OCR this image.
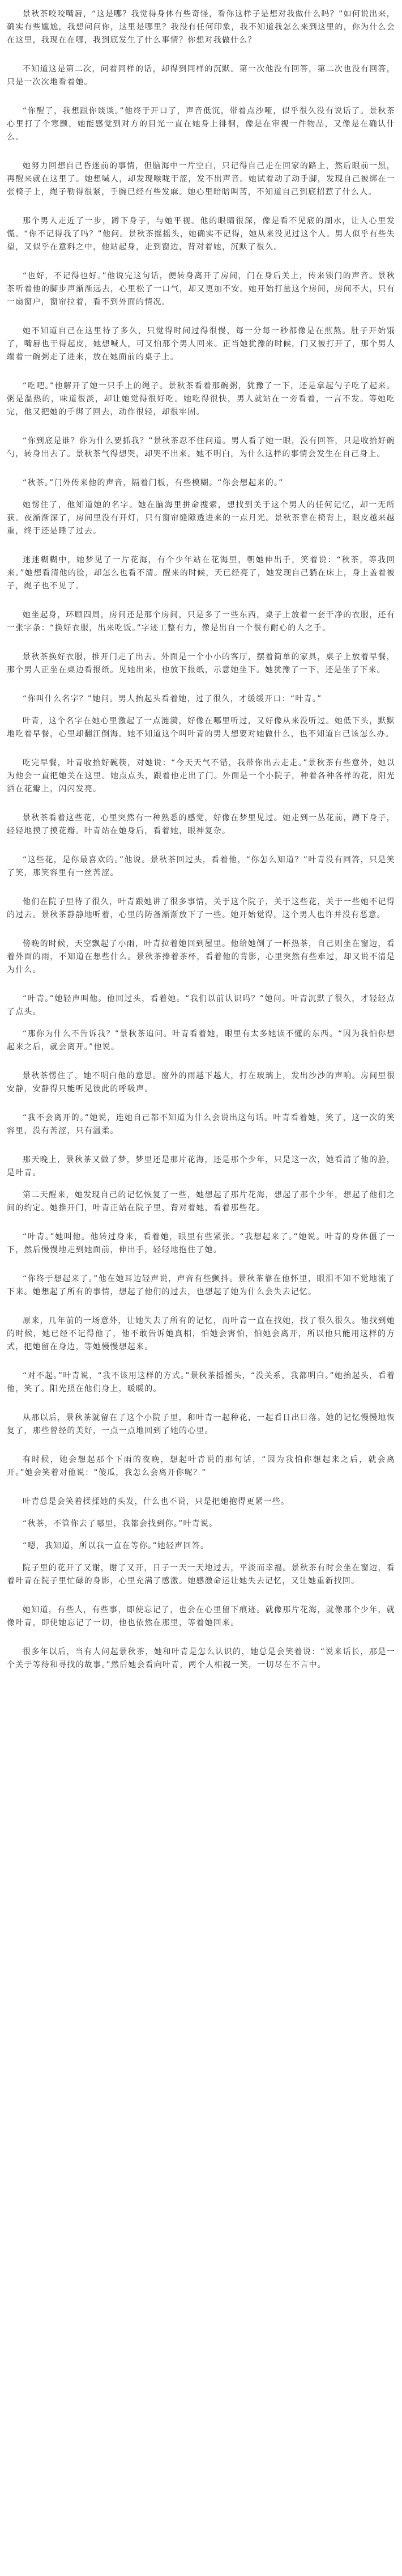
景秋茶咬咬嘴唇，“这是哪？我觉得身体有些奇怪，看你这样子是想对我做什么吗？”如何说出来，确实有些尴尬，我想问问你，这里是哪里？我没有任何印象，我不知道我怎么来到这里的，你为什么会在这里，我现在在哪，我到底发生了什么事情？你想对我做什么？

不知道这是第二次，问着同样的话，却得到同样的沉默。第一次他没有回答，第二次也没有回答，只是一次次地看着她。

“你醒了，我想跟你谈谈。”他终于开口了，声音低沉，带着点沙哑，似乎很久没有说话了。景秋茶心里打了个寒颤，她能感觉到对方的目光一直在她身上徘徊，像是在审视一件物品，又像是在确认什么。

她努力回想自己昏迷前的事情，但脑海中一片空白，只记得自己走在回家的路上，然后眼前一黑，再醒来就在这里了。她想喊人，却发现喉咙干涩，发不出声音。她试着动了动手脚，发现自己被绑在一张椅子上，绳子勒得很紧，手腕已经有些发麻。她心里暗暗叫苦，不知道自己到底招惹了什么人。

那个男人走近了一步，蹲下身子，与她平视。他的眼睛很深，像是看不见底的湖水，让人心里发慌。“你不记得我了吗？”他问。景秋茶摇摇头，她确实不记得，她从来没见过这个人。男人似乎有些失望，又似乎在意料之中，他站起身，走到窗边，背对着她，沉默了很久。

“也好，不记得也好。”他说完这句话，便转身离开了房间，门在身后关上，传来锁门的声音。景秋茶听着他的脚步声渐渐远去，心里松了一口气，却又更加不安。她开始打量这个房间，房间不大，只有一扇窗户，窗帘拉着，看不到外面的情况。

她不知道自己在这里待了多久，只觉得时间过得很慢，每一分每一秒都像是在煎熬。肚子开始饿了，嘴唇也干得起皮，她想喊人，可又怕那个男人回来。正当她犹豫的时候，门又被打开了，那个男人端着一碗粥走了进来，放在她面前的桌子上。

“吃吧。”他解开了她一只手上的绳子。景秋茶看着那碗粥，犹豫了一下，还是拿起勺子吃了起来。粥是温热的，味道很淡，却让她觉得很好吃。她吃得很快，男人就站在一旁看着，一言不发。等她吃完，他又把她的手绑了回去，动作很轻，却很牢固。

“你到底是谁？你为什么要抓我？”景秋茶忍不住问道。男人看了她一眼，没有回答，只是收拾好碗勺，转身出去了。景秋茶气得想哭，却哭不出来。她不明白，为什么这样的事情会发生在自己身上。

“秋茶。”门外传来他的声音，隔着门板，有些模糊。“你会想起来的。”

她愣住了，他知道她的名字。她在脑海里拼命搜索，想找到关于这个男人的任何记忆，却一无所获。夜渐渐深了，房间里没有开灯，只有窗帘缝隙透进来的一点月光。景秋茶靠在椅背上，眼皮越来越重，终于还是睡了过去。

迷迷糊糊中，她梦见了一片花海，有个少年站在花海里，朝她伸出手，笑着说：“秋茶，等我回来。”她想看清他的脸，却怎么也看不清。醒来的时候，天已经亮了，她发现自己躺在床上，身上盖着被子，绳子也不见了。

她坐起身，环顾四周，房间还是那个房间，只是多了一些东西，桌子上放着一套干净的衣服，还有一张字条：“换好衣服，出来吃饭。”字迹工整有力，像是出自一个很有耐心的人之手。

景秋茶换好衣服，推开门走了出去。外面是一个小小的客厅，摆着简单的家具，桌子上放着早餐，那个男人正坐在桌边看报纸。见她出来，他放下报纸，示意她坐下。她犹豫了一下，还是坐了下来。

“你叫什么名字？”她问。男人抬起头看着她，过了很久，才缓缓开口：“叶青。”

叶青，这个名字在她心里激起了一点涟漪，好像在哪里听过，又好像从来没听过。她低下头，默默地吃着早餐，心里却翻江倒海。她不知道这个叫叶青的男人想要对她做什么，也不知道自己该怎么办。

吃完早餐，叶青收拾好碗筷，对她说：“今天天气不错，我带你出去走走。”景秋茶有些意外，她以为他会一直把她关在这里。她点点头，跟着他走出了门。外面是一个小院子，种着各种各样的花，阳光洒在花瓣上，闪闪发亮。

景秋茶看着这些花，心里突然有一种熟悉的感觉，好像在梦里见过。她走到一丛花前，蹲下身子，轻轻地摸了摸花瓣。叶青站在她身后，看着她，眼神复杂。

“这些花，是你最喜欢的。”他说。景秋茶回过头，看着他，“你怎么知道？”叶青没有回答，只是笑了笑，那笑容里有一丝苦涩。

他们在院子里待了很久，叶青跟她讲了很多事情，关于这个院子，关于这些花，关于一些她不记得的过去。景秋茶静静地听着，心里的防备渐渐放下了一些。她开始觉得，这个男人也许并没有恶意。

傍晚的时候，天空飘起了小雨，叶青拉着她回到屋里。他给她倒了一杯热茶，自己则坐在窗边，看着外面的雨，不知道在想些什么。景秋茶捧着茶杯，看着他的背影，心里突然有些难过，却又说不清是为什么。

“叶青。”她轻声叫他。他回过头，看着她。“我们以前认识吗？”她问。叶青沉默了很久，才轻轻点了点头。

“那你为什么不告诉我？”景秋茶追问。叶青看着她，眼里有太多她读不懂的东西。“因为我怕你想起来之后，就会离开。”他说。

景秋茶愣住了，她不明白他的意思。窗外的雨越下越大，打在玻璃上，发出沙沙的声响。房间里很安静，安静得只能听见彼此的呼吸声。

“我不会离开的。”她说，连她自己都不知道为什么会说出这句话。叶青看着她，笑了，这一次的笑容里，没有苦涩，只有温柔。

那天晚上，景秋茶又做了梦，梦里还是那片花海，还是那个少年，只是这一次，她看清了他的脸，是叶青。

第二天醒来，她发现自己的记忆恢复了一些，她想起了那片花海，想起了那个少年，想起了他们之间的约定。她推开门，叶青正站在院子里，背对着她，看着那些花。

“叶青。”她叫他。他转过身来，看着她，眼里有些紧张。“我想起来了。”她说。叶青的身体僵了一下，然后慢慢地走到她面前，伸出手，轻轻地抱住了她。

“你终于想起来了。”他在她耳边轻声说，声音有些颤抖。景秋茶靠在他怀里，眼泪不知不觉地流了下来。她想起了所有的事情，想起了他们的过去，也想起了她为什么会失去记忆。

原来，几年前的一场意外，让她失去了所有的记忆，而叶青一直在找她，找了很久很久。他找到她的时候，她已经不记得他了，他不敢告诉她真相，怕她会害怕，怕她会离开，所以他只能用这样的方式，把她留在身边，等她慢慢想起来。

“对不起。”叶青说，“我不该用这样的方式。”景秋茶摇摇头，“没关系，我都明白。”她抬起头，看着他，笑了。阳光照在他们身上，暖暖的。

从那以后，景秋茶就留在了这个小院子里，和叶青一起种花，一起看日出日落。她的记忆慢慢地恢复了，那些曾经的美好，一点一点地回到了她的心里。

有时候，她会想起那个下雨的夜晚，想起叶青说的那句话，“因为我怕你想起来之后，就会离开。”她会笑着对他说：“傻瓜，我怎么会离开你呢？”

叶青总是会笑着揉揉她的头发，什么也不说，只是把她抱得更紧一些。

“秋茶，不管你去了哪里，我都会找到你。”叶青说。

“嗯，我知道，所以我一直在等你。”她轻声回答。

院子里的花开了又谢，谢了又开，日子一天一天地过去，平淡而幸福。景秋茶有时会坐在窗边，看着叶青在院子里忙碌的身影，心里充满了感激。她感激命运让她失去记忆，又让她重新找回。

她知道，有些人，有些事，即使忘记了，也会在心里留下痕迹。就像那片花海，就像那个少年，就像叶青，即使她忘记了一切，他也依然在那里，等着她回来。

很多年以后，当有人问起景秋茶，她和叶青是怎么认识的，她总是会笑着说：“说来话长，那是一个关于等待和寻找的故事。”然后她会看向叶青，两个人相视一笑，一切尽在不言中。
